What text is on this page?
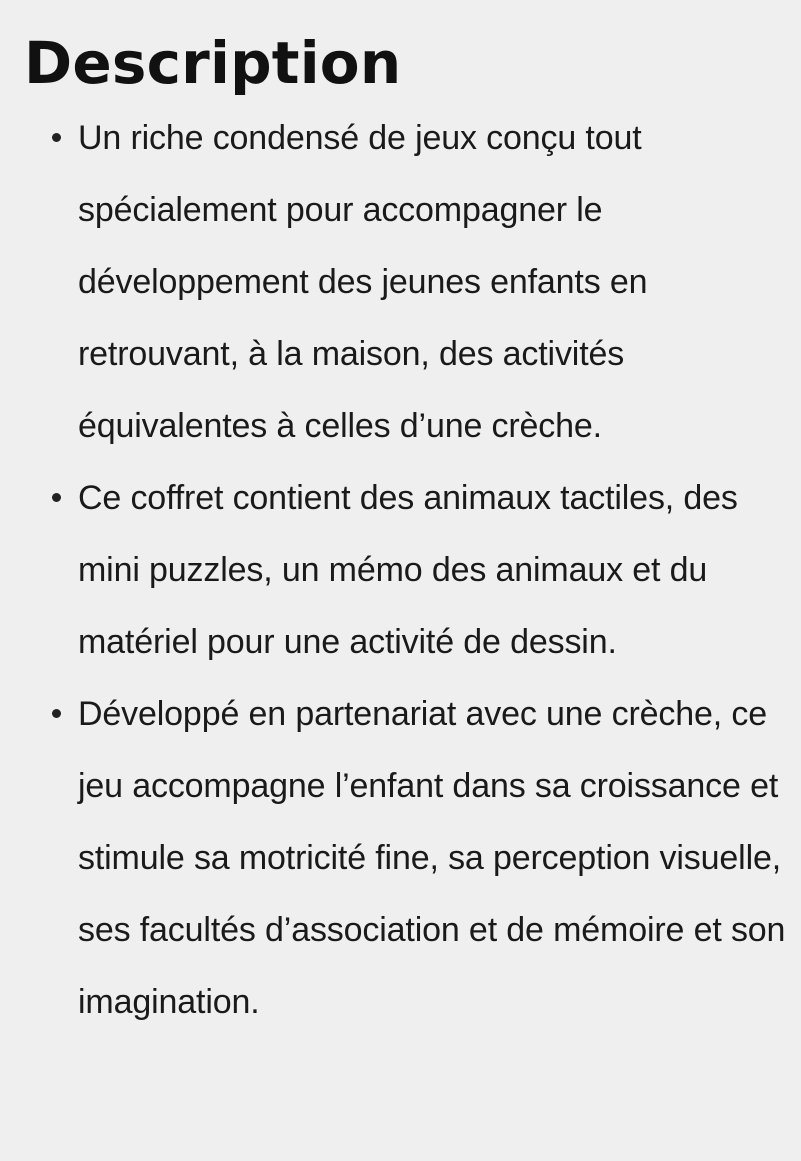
Description
Un riche condensé de jeux conçu tout spécialement pour accompagner le développement des jeunes enfants en retrouvant, à la maison, des activités équivalentes à celles d’une crèche.
Ce coffret contient des animaux tactiles, des mini puzzles, un mémo des animaux et du matériel pour une activité de dessin.
Développé en partenariat avec une crèche, ce jeu accompagne l’enfant dans sa croissance et stimule sa motricité fine, sa perception visuelle, ses facultés d’association et de mémoire et son imagination.
